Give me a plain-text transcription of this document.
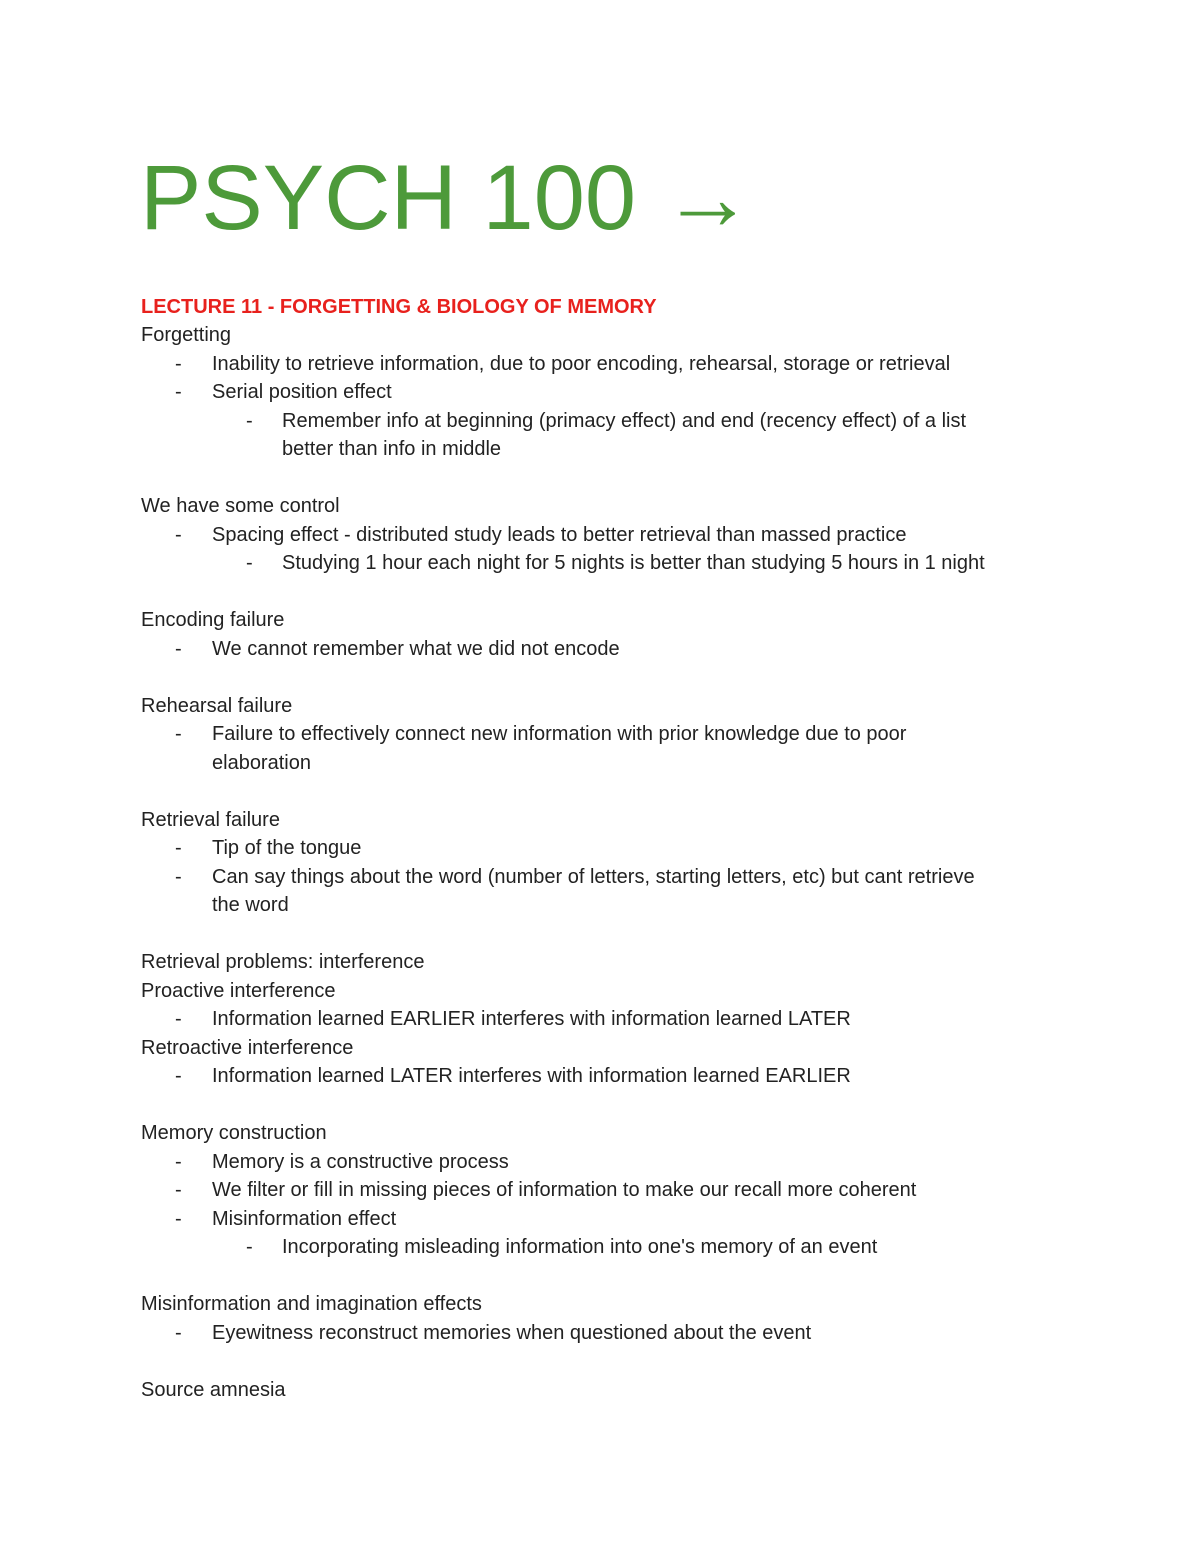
PSYCH 100 →
LECTURE 11 - FORGETTING & BIOLOGY OF MEMORY
Forgetting
- Inability to retrieve information, due to poor encoding, rehearsal, storage or retrieval
- Serial position effect
- Remember info at beginning (primacy effect) and end (recency effect) of a list
better than info in middle
We have some control
- Spacing effect - distributed study leads to better retrieval than massed practice
- Studying 1 hour each night for 5 nights is better than studying 5 hours in 1 night
Encoding failure
- We cannot remember what we did not encode
Rehearsal failure
- Failure to effectively connect new information with prior knowledge due to poor
elaboration
Retrieval failure
- Tip of the tongue
- Can say things about the word (number of letters, starting letters, etc) but cant retrieve
the word
Retrieval problems: interference
Proactive interference
- Information learned EARLIER interferes with information learned LATER
Retroactive interference
- Information learned LATER interferes with information learned EARLIER
Memory construction
- Memory is a constructive process
- We filter or fill in missing pieces of information to make our recall more coherent
- Misinformation effect
- Incorporating misleading information into one's memory of an event
Misinformation and imagination effects
- Eyewitness reconstruct memories when questioned about the event
Source amnesia
